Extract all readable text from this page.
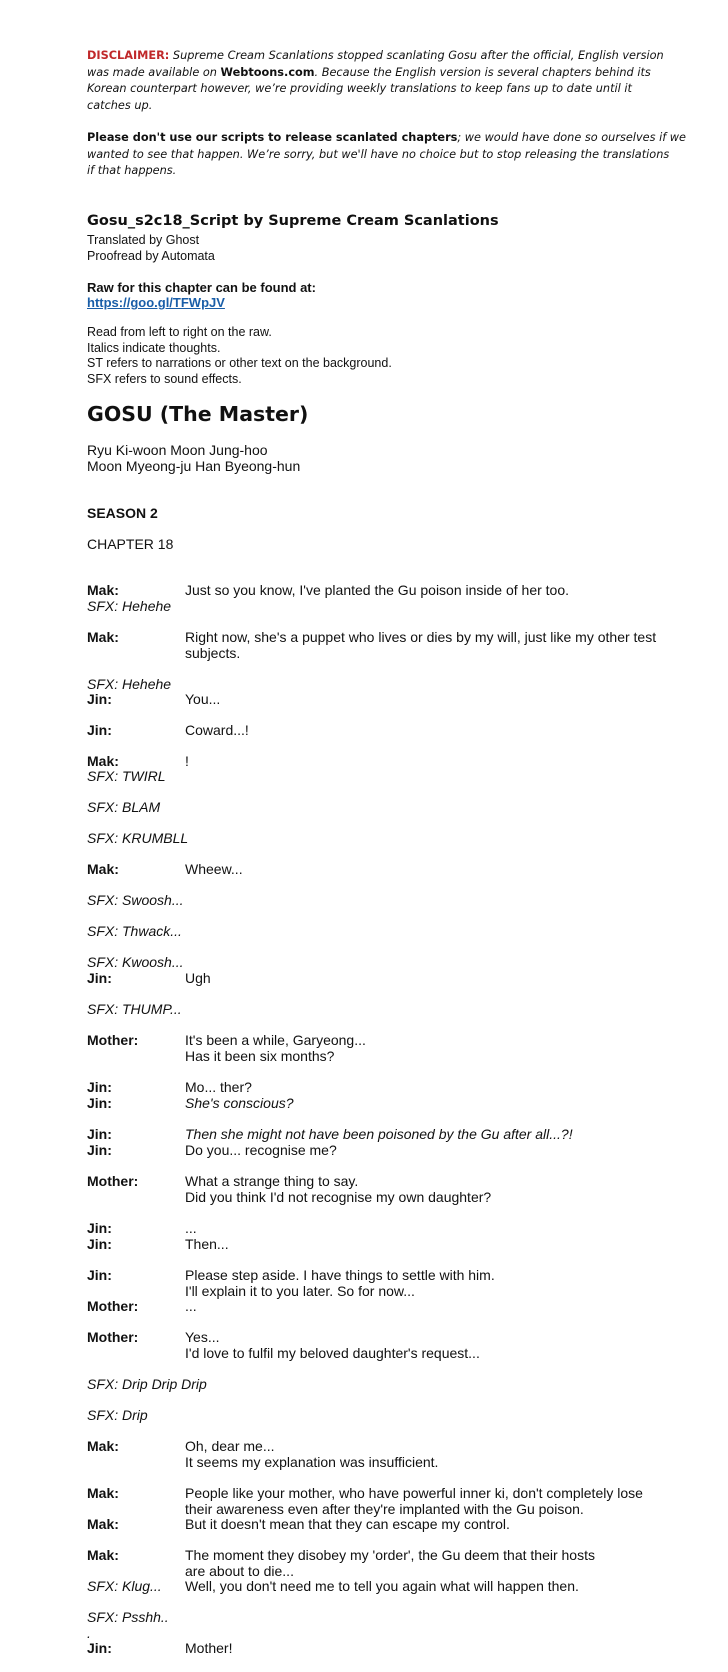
DISCLAIMER: Supreme Cream Scanlations stopped scanlating Gosu after the official, English version
was made available on Webtoons.com. Because the English version is several chapters behind its
Korean counterpart however, we’re providing weekly translations to keep fans up to date until it
catches up.
Please don't use our scripts to release scanlated chapters; we would have done so ourselves if we
wanted to see that happen. We’re sorry, but we'll have no choice but to stop releasing the translations
if that happens.
Gosu_s2c18_Script by Supreme Cream Scanlations
Translated by Ghost
Proofread by Automata
Raw for this chapter can be found at:
https://goo.gl/TFWpJV
Read from left to right on the raw.
Italics indicate thoughts.
ST refers to narrations or other text on the background.
SFX refers to sound effects.
GOSU (The Master)
Ryu Ki-woon Moon Jung-hoo
Moon Myeong-ju Han Byeong-hun
SEASON 2
CHAPTER 18
Mak:	Just so you know, I've planted the Gu poison inside of her too.
SFX: Hehehe
Mak:	Right now, she's a puppet who lives or dies by my will, just like my other test
subjects.
SFX: Hehehe
Jin:	You...
Jin:	Coward...!
Mak:	!
SFX: TWIRL
SFX: BLAM
SFX: KRUMBLL
Mak:	Wheew...
SFX: Swoosh...
SFX: Thwack...
SFX: Kwoosh...
Jin:	Ugh
SFX: THUMP...
Mother:	It's been a while, Garyeong...
Has it been six months?
Jin:	Mo... ther?
Jin:	She's conscious?
Jin:	Then she might not have been poisoned by the Gu after all...?!
Jin:	Do you... recognise me?
Mother:	What a strange thing to say.
Did you think I'd not recognise my own daughter?
Jin:	...
Jin:	Then...
Jin:	Please step aside. I have things to settle with him.
I'll explain it to you later. So for now...
Mother:	...
Mother:	Yes...
I'd love to fulfil my beloved daughter's request...
SFX: Drip Drip Drip
SFX: Drip
Mak:	Oh, dear me...
It seems my explanation was insufficient.
Mak:	People like your mother, who have powerful inner ki, don't completely lose
their awareness even after they're implanted with the Gu poison.
Mak:	But it doesn't mean that they can escape my control.
Mak:	The moment they disobey my 'order', the Gu deem that their hosts
are about to die...
Well, you don't need me to tell you again what will happen then.
SFX: Klug...
SFX: Psshh..
.
Jin:	Mother!
